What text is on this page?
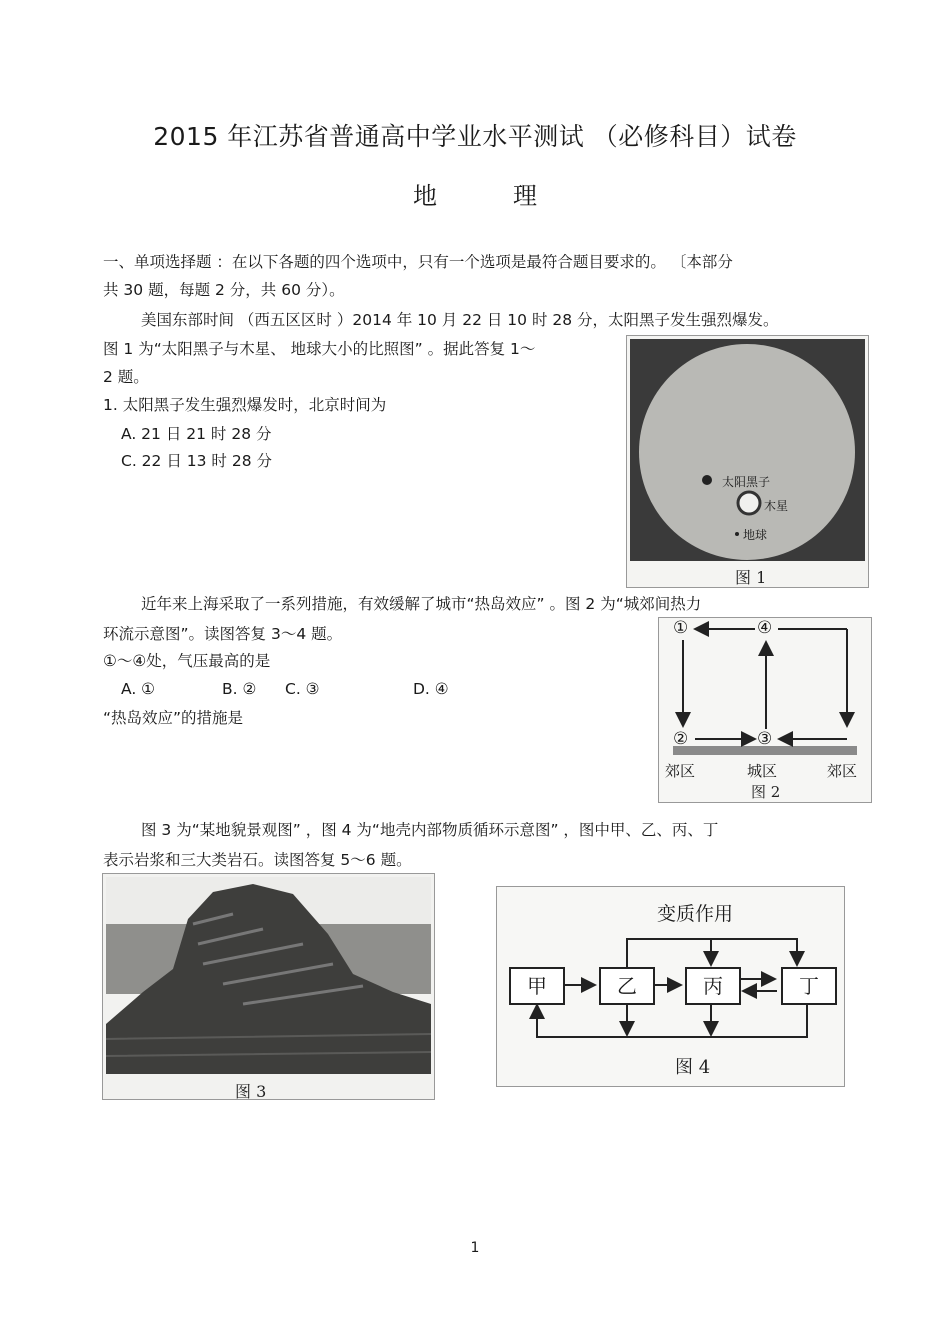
2015 年江苏省普通高中学业水平测试 （必修科目）试卷
地	理
一、单项选择题 ：在以下各题的四个选项中，只有一个选项是最符合题目要求的。 〔本部分
共 30 题，每题 2 分，共 60 分）。
美国东部时间 （西五区区时 ）2014 年 10 月 22 日 10 时 28 分，太阳黑子发生强烈爆发。
图 1 为“太阳黑子与木星、 地球大小的比照图” 。据此答复 1～
2 题。
1. 太阳黑子发生强烈爆发时，北京时间为
A. 21 日 21 时 28 分
C. 22 日 13 时 28 分
太阳黑子
木星
地球
图 1
近年来上海采取了一系列措施，有效缓解了城市“热岛效应” 。图 2 为“城郊间热力
环流示意图”。读图答复 3～4 题。
①～④处，气压最高的是
A. ①	B. ② C. ③	D. ④
“热岛效应”的措施是
①
②	③
④
郊区	城区	郊区
图 2
图 3 为“某地貌景观图” ，图 4 为“地壳内部物质循环示意图” ，图中甲、乙、丙、丁
表示岩浆和三大类岩石。读图答复 5～6 题。
图 3
变质作用
甲	乙	丙	丁
图 4
1
